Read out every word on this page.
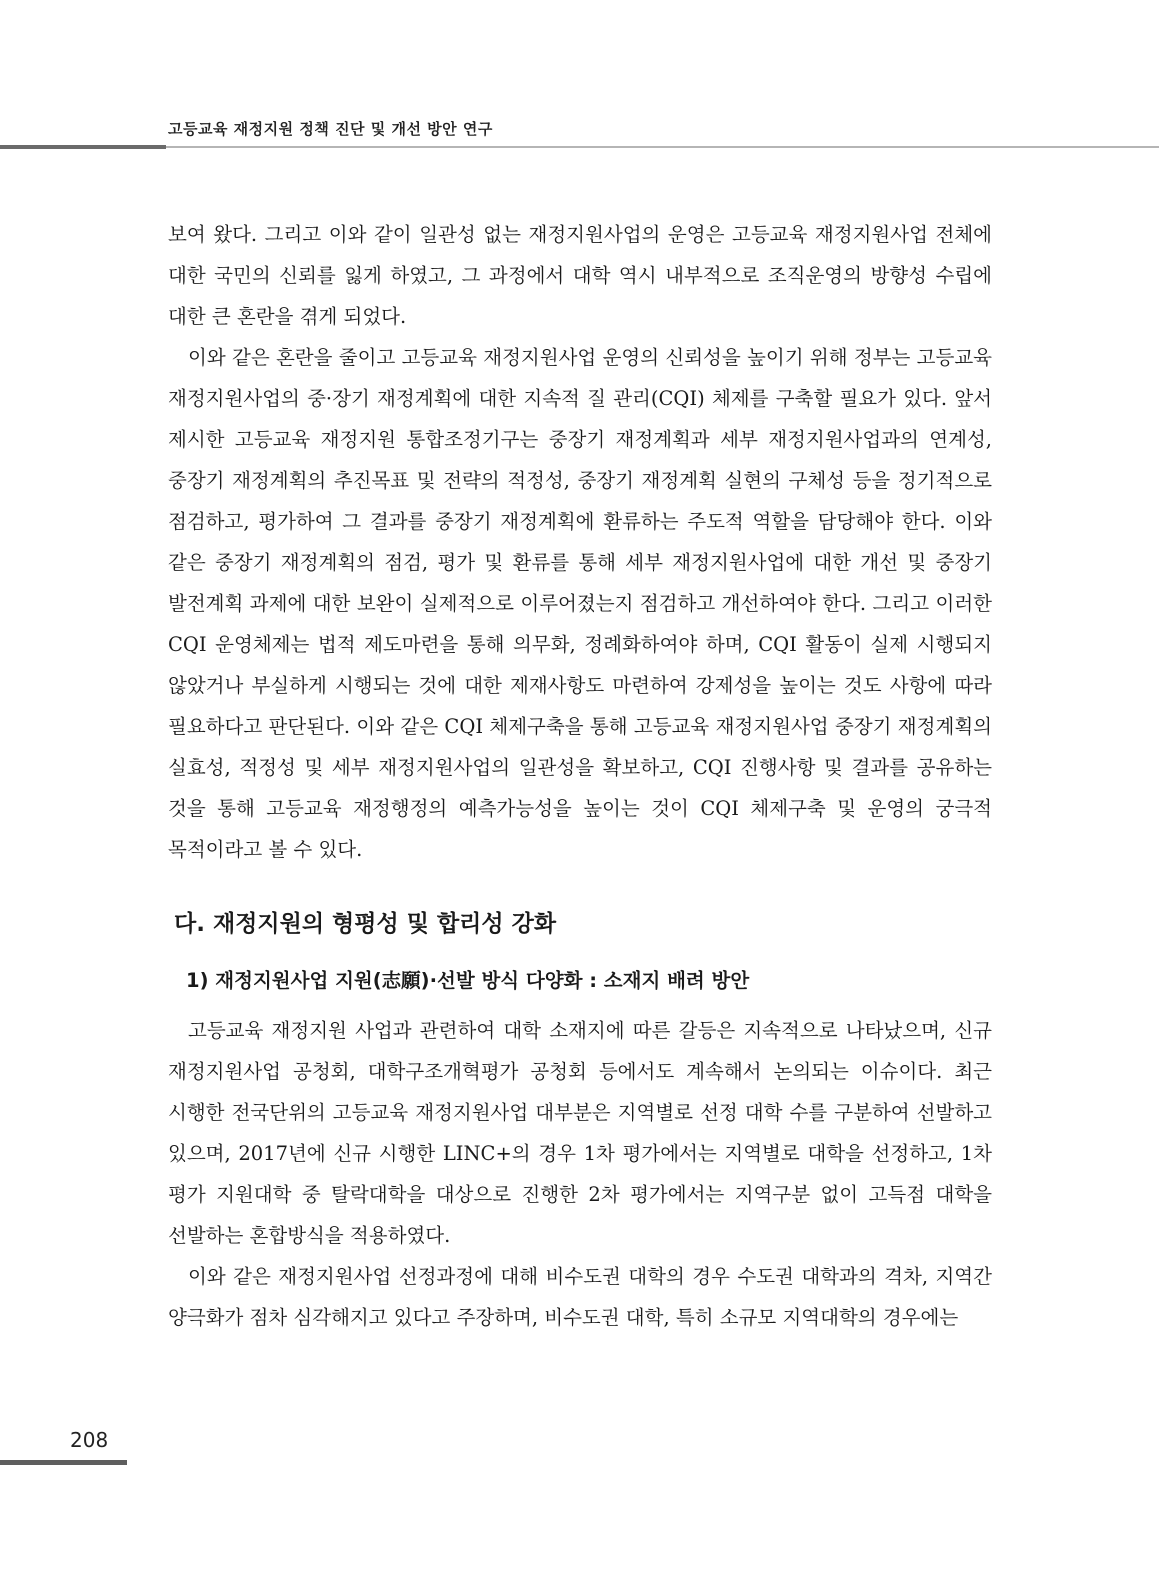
고등교육 재정지원 정책 진단 및 개선 방안 연구

보여 왔다. 그리고 이와 같이 일관성 없는 재정지원사업의 운영은 고등교육 재정지원사업 전체에 대한 국민의 신뢰를 잃게 하였고, 그 과정에서 대학 역시 내부적으로 조직운영의 방향성 수립에 대한 큰 혼란을 겪게 되었다.

이와 같은 혼란을 줄이고 고등교육 재정지원사업 운영의 신뢰성을 높이기 위해 정부는 고등교육 재정지원사업의 중·장기 재정계획에 대한 지속적 질 관리(CQI) 체제를 구축할 필요가 있다. 앞서 제시한 고등교육 재정지원 통합조정기구는 중장기 재정계획과 세부 재정지원사업과의 연계성, 중장기 재정계획의 추진목표 및 전략의 적정성, 중장기 재정계획 실현의 구체성 등을 정기적으로 점검하고, 평가하여 그 결과를 중장기 재정계획에 환류하는 주도적 역할을 담당해야 한다. 이와 같은 중장기 재정계획의 점검, 평가 및 환류를 통해 세부 재정지원사업에 대한 개선 및 중장기 발전계획 과제에 대한 보완이 실제적으로 이루어졌는지 점검하고 개선하여야 한다. 그리고 이러한 CQI 운영체제는 법적 제도마련을 통해 의무화, 정례화하여야 하며, CQI 활동이 실제 시행되지 않았거나 부실하게 시행되는 것에 대한 제재사항도 마련하여 강제성을 높이는 것도 사항에 따라 필요하다고 판단된다. 이와 같은 CQI 체제구축을 통해 고등교육 재정지원사업 중장기 재정계획의 실효성, 적정성 및 세부 재정지원사업의 일관성을 확보하고, CQI 진행사항 및 결과를 공유하는 것을 통해 고등교육 재정행정의 예측가능성을 높이는 것이 CQI 체제구축 및 운영의 궁극적 목적이라고 볼 수 있다.

다. 재정지원의 형평성 및 합리성 강화
1) 재정지원사업 지원(志願)·선발 방식 다양화 : 소재지 배려 방안

고등교육 재정지원 사업과 관련하여 대학 소재지에 따른 갈등은 지속적으로 나타났으며, 신규 재정지원사업 공청회, 대학구조개혁평가 공청회 등에서도 계속해서 논의되는 이슈이다. 최근 시행한 전국단위의 고등교육 재정지원사업 대부분은 지역별로 선정 대학 수를 구분하여 선발하고 있으며, 2017년에 신규 시행한 LINC+의 경우 1차 평가에서는 지역별로 대학을 선정하고, 1차 평가 지원대학 중 탈락대학을 대상으로 진행한 2차 평가에서는 지역구분 없이 고득점 대학을 선발하는 혼합방식을 적용하였다.

이와 같은 재정지원사업 선정과정에 대해 비수도권 대학의 경우 수도권 대학과의 격차, 지역간 양극화가 점차 심각해지고 있다고 주장하며, 비수도권 대학, 특히 소규모 지역대학의 경우에는

208
